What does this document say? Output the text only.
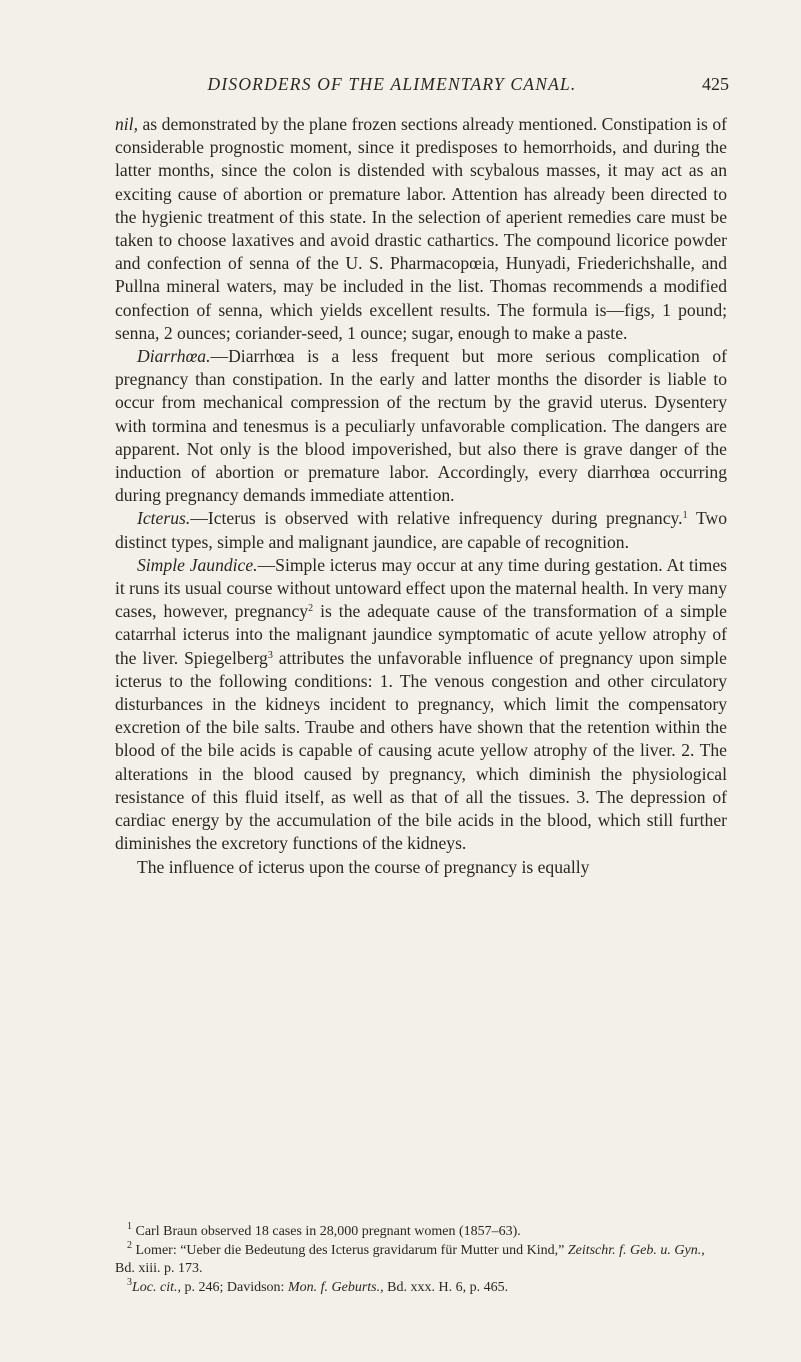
DISORDERS OF THE ALIMENTARY CANAL.	425

nil, as demonstrated by the plane frozen sections already mentioned. Constipation is of considerable prognostic moment, since it predisposes to hemorrhoids, and during the latter months, since the colon is distended with scybalous masses, it may act as an exciting cause of abortion or premature labor. Attention has already been directed to the hygienic treatment of this state. In the selection of aperient remedies care must be taken to choose laxatives and avoid drastic cathartics. The compound licorice powder and confection of senna of the U. S. Pharmacopœia, Hunyadi, Friederichshalle, and Pullna mineral waters, may be included in the list. Thomas recommends a modified confection of senna, which yields excellent results. The formula is—figs, 1 pound; senna, 2 ounces; coriander-seed, 1 ounce; sugar, enough to make a paste.

Diarrhœa.—Diarrhœa is a less frequent but more serious complication of pregnancy than constipation. In the early and latter months the disorder is liable to occur from mechanical compression of the rectum by the gravid uterus. Dysentery with tormina and tenesmus is a peculiarly unfavorable complication. The dangers are apparent. Not only is the blood impoverished, but also there is grave danger of the induction of abortion or premature labor. Accordingly, every diarrhœa occurring during pregnancy demands immediate attention.

Icterus.—Icterus is observed with relative infrequency during pregnancy.$^1$ Two distinct types, simple and malignant jaundice, are capable of recognition.

Simple Jaundice.—Simple icterus may occur at any time during gestation. At times it runs its usual course without untoward effect upon the maternal health. In very many cases, however, pregnancy$^2$ is the adequate cause of the transformation of a simple catarrhal icterus into the malignant jaundice symptomatic of acute yellow atrophy of the liver. Spiegelberg$^3$ attributes the unfavorable influence of pregnancy upon simple icterus to the following conditions: 1. The venous congestion and other circulatory disturbances in the kidneys incident to pregnancy, which limit the compensatory excretion of the bile salts. Traube and others have shown that the retention within the blood of the bile acids is capable of causing acute yellow atrophy of the liver. 2. The alterations in the blood caused by pregnancy, which diminish the physiological resistance of this fluid itself, as well as that of all the tissues. 3. The depression of cardiac energy by the accumulation of the bile acids in the blood, which still further diminishes the excretory functions of the kidneys.

The influence of icterus upon the course of pregnancy is equally

$^1$ Carl Braun observed 18 cases in 28,000 pregnant women (1857–63).

$^2$ Lomer: “Ueber die Bedeutung des Icterus gravidarum für Mutter und Kind,” Zeitschr. f. Geb. u. Gyn., Bd. xiii. p. 173.

$^3$Loc. cit., p. 246; Davidson: Mon. f. Geburts., Bd. xxx. H. 6, p. 465.
